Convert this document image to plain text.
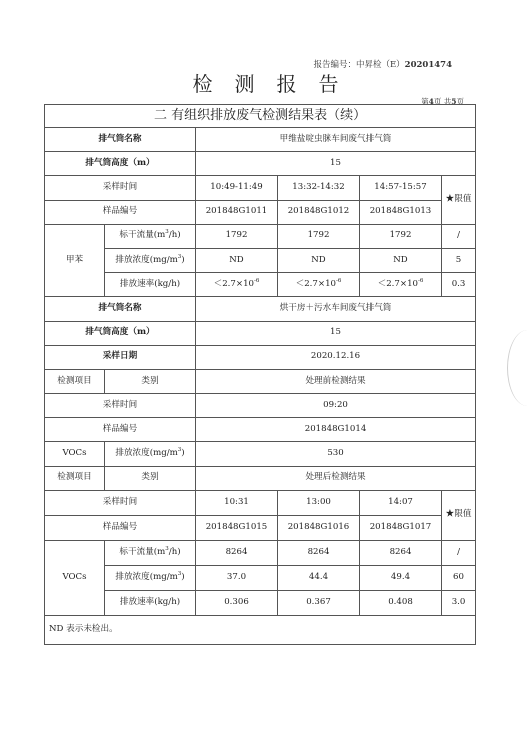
报告编号：中昇检（E）20201474
检测报告
第4页 共5页
二 有组织排放废气检测结果表（续）					
排气筒名称		甲维盐啶虫脒车间废气排气筒			
排气筒高度（m）		15			
采样时间		10:49-11:49	13:32-14:32	14:57-15:57	★限值
样品编号		201848G1011	201848G1012	201848G1013	
甲苯	标干流量$(m^3/h)$	1792	1792	1792	/
	排放浓度$(mg/m^3)$	ND	ND	ND	5
	排放速率(kg/h)	$<2.7\times 10^{-6}$	$<2.7\times 10^{-6}$	$<2.7\times 10^{-6}$	0.3
排气筒名称		烘干房＋污水车间废气排气筒			
排气筒高度（m）		15			
采样日期		2020.12.16			
检测项目	类别	处理前检测结果			
采样时间		09:20			
样品编号		201848G1014			
VOCs	排放浓度$(mg/m^3)$	530			
检测项目	类别	处理后检测结果			
采样时间		10:31	13:00	14:07	★限值
样品编号		201848G1015	201848G1016	201848G1017	
VOCs	标干流量$(m^3/h)$	8264	8264	8264	/
	排放浓度$(mg/m^3)$	37.0	44.4	49.4	60
	排放速率(kg/h)	0.306	0.367	0.408	3.0
ND 表示未检出。					
